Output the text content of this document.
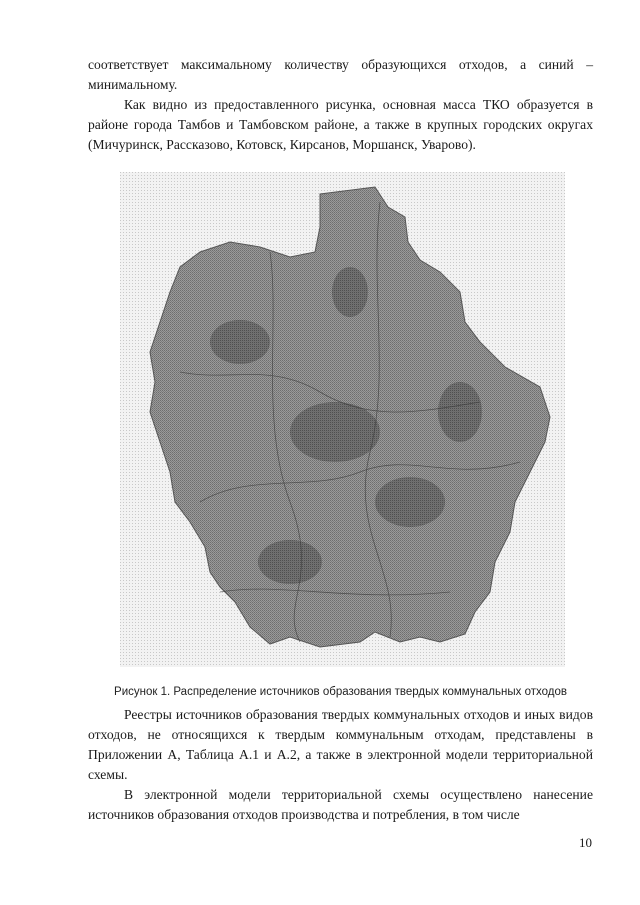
соответствует максимальному количеству образующихся отходов, а синий – минимальному.

Как видно из предоставленного рисунка, основная масса ТКО образуется в районе города Тамбов и Тамбовском районе, а также в крупных городских округах (Мичуринск, Рассказово, Котовск, Кирсанов, Моршанск, Уварово).

Рисунок 1. Распределение источников образования твердых коммунальных отходов

Реестры источников образования твердых коммунальных отходов и иных видов отходов, не относящихся к твердым коммунальным отходам, представлены в Приложении А, Таблица А.1 и А.2, а также в электронной модели территориальной схемы.

В электронной модели территориальной схемы осуществлено нанесение источников образования отходов производства и потребления, в том числе

10
